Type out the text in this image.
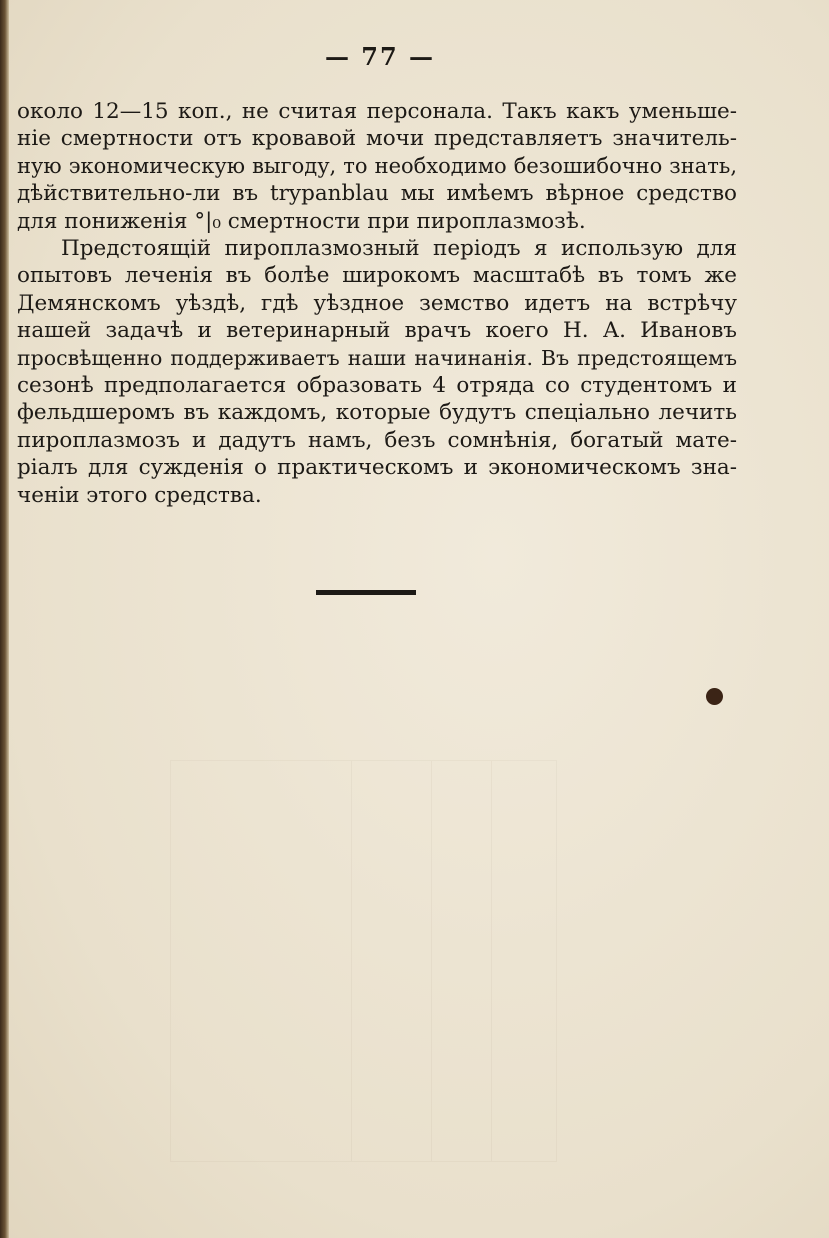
— 77 —
около 12—15 коп., не считая персонала. Такъ какъ уменьше-
ніе смертности отъ кровавой мочи представляетъ значитель-
ную экономическую выгоду, то необходимо безошибочно знать,
дѣйствительно-ли въ trypanblau мы имѣемъ вѣрное средство
для пониженія °|₀ смертности при пироплазмозѣ.
Предстоящій пироплазмозный періодъ я использую для
опытовъ леченія въ болѣе широкомъ масштабѣ въ томъ же
Демянскомъ уѣздѣ, гдѣ уѣздное земство идетъ на встрѣчу
нашей задачѣ и ветеринарный врачъ коего Н. А. Ивановъ
просвѣщенно поддерживаетъ наши начинанія. Въ предстоящемъ
сезонѣ предполагается образовать 4 отряда со студентомъ и
фельдшеромъ въ каждомъ, которые будутъ спеціально лечить
пироплазмозъ и дадутъ намъ, безъ сомнѣнія, богатый мате-
ріалъ для сужденія о практическомъ и экономическомъ зна-
ченіи этого средства.
